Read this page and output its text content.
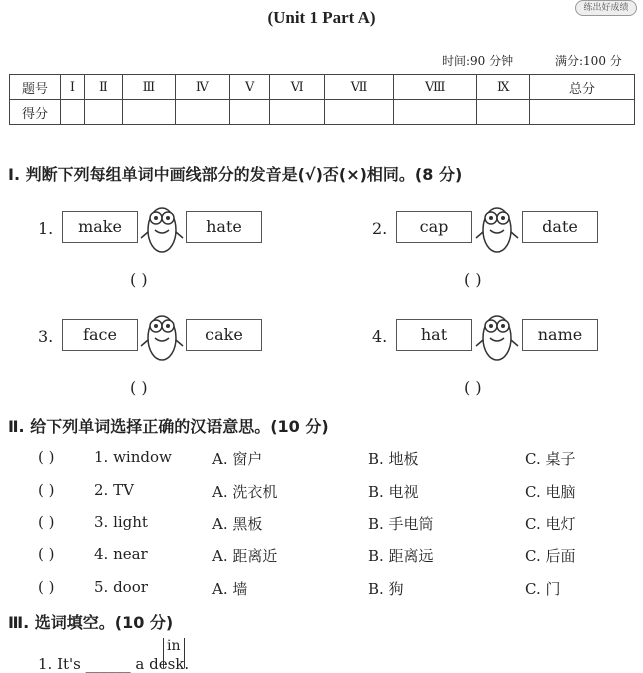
(Unit 1 Part A)	练出好成绩
时间:90 分钟	满分:100 分
题号	Ⅰ	Ⅱ	Ⅲ	Ⅳ	Ⅴ	Ⅵ	Ⅶ	Ⅷ	Ⅸ	总分
得分										
Ⅰ. 判断下列每组单词中画线部分的发音是(√)否(×)相同。(8 分)
1.	make	hate
( )
2.	cap	date
( )
3.	face	cake
( )
4.	hat	name
( )
Ⅱ. 给下列单词选择正确的汉语意思。(10 分)
( )	1. window	A. 窗户	B. 地板	C. 桌子
( )	2. TV	A. 洗衣机	B. 电视	C. 电脑
( )	3. light	A. 黑板	B. 手电筒	C. 电灯
( )	4. near	A. 距离近	B. 距离远	C. 后面
( )	5. door	A. 墙	B. 狗	C. 门
Ⅲ. 选词填空。(10 分)
in
1. It's ______ a desk.
